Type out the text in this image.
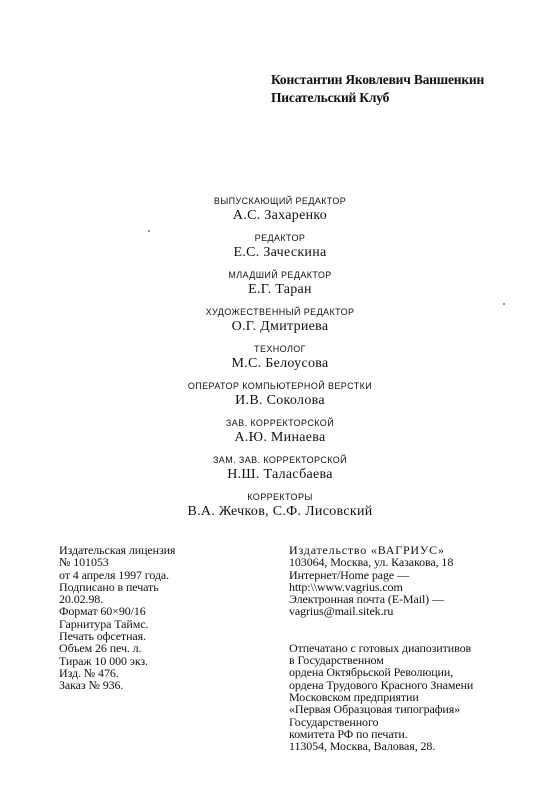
Константин Яковлевич Ваншенкин
Писательский Клуб
ВЫПУСКАЮЩИЙ РЕДАКТОР
А.С. Захаренко
РЕДАКТОР
Е.С. Заческина
МЛАДШИЙ РЕДАКТОР
Е.Г. Таран
ХУДОЖЕСТВЕННЫЙ РЕДАКТОР
О.Г. Дмитриева
ТЕХНОЛОГ
М.С. Белоусова
ОПЕРАТОР КОМПЬЮТЕРНОЙ ВЕРСТКИ
И.В. Соколова
ЗАВ. КОРРЕКТОРСКОЙ
А.Ю. Минаева
ЗАМ. ЗАВ. КОРРЕКТОРСКОЙ
Н.Ш. Таласбаева
КОРРЕКТОРЫ
В.А. Жечков, С.Ф. Лисовский
Издательская лицензия
№ 101053
от 4 апреля 1997 года.
Подписано в печать
20.02.98.
Формат 60×90/16
Гарнитура Таймс.
Печать офсетная.
Объем 26 печ. л.
Тираж 10 000 экз.
Изд. № 476.
Заказ № 936.
Издательство «ВАГРИУС»
103064, Москва, ул. Казакова, 18
Интернет/Home page —
http:\\www.vagrius.com
Электронная почта (E-Mail) —
vagrius@mail.sitek.ru
Отпечатано с готовых диапозитивов
в Государственном
ордена Октябрьской Революции,
ордена Трудового Красного Знамени
Московском предприятии
«Первая Образцовая типография»
Государственного
комитета РФ по печати.
113054, Москва, Валовая, 28.
